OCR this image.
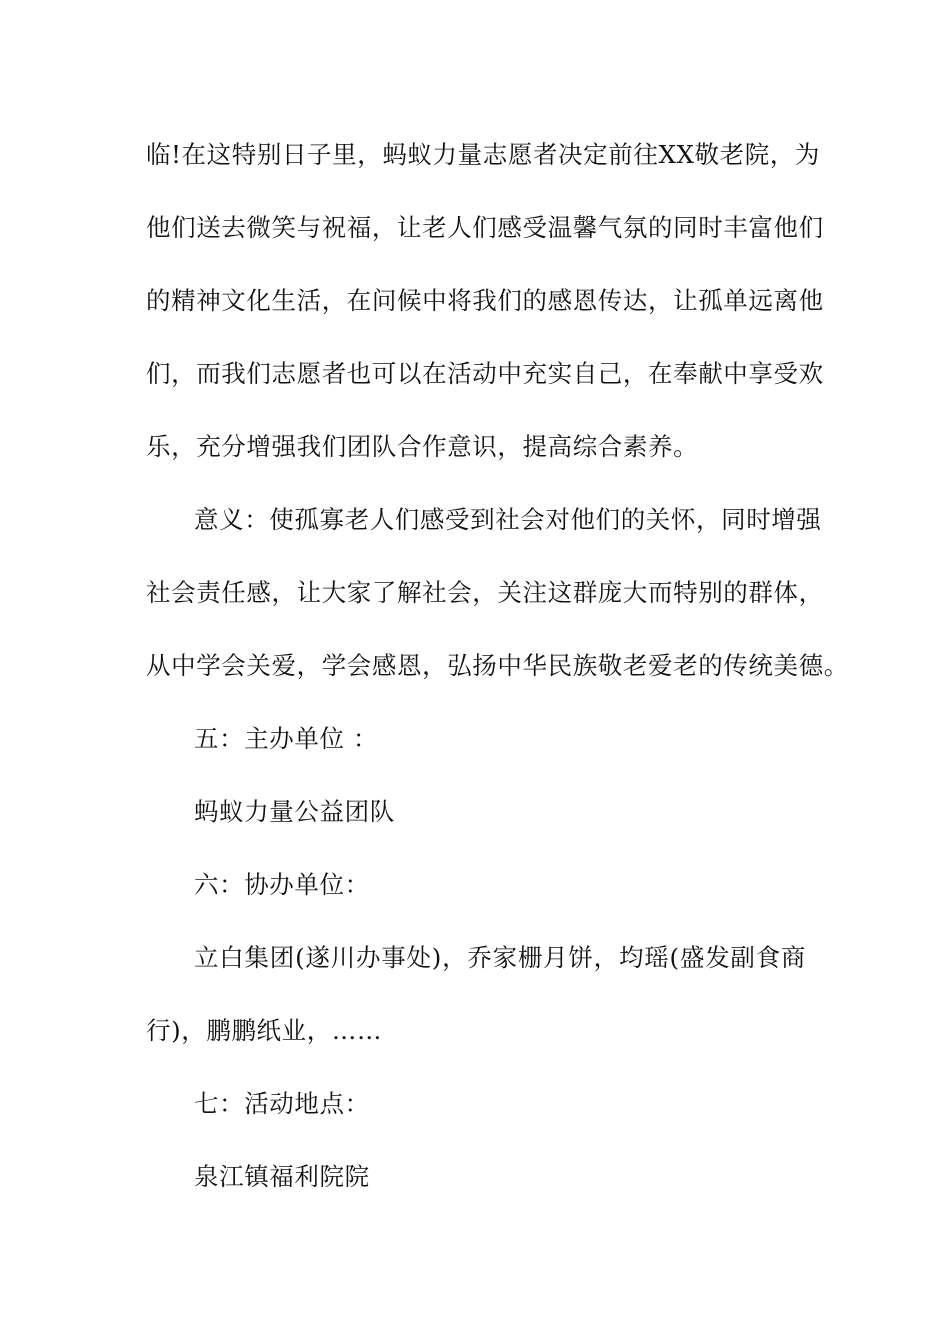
临!在这特别日子里，蚂蚁力量志愿者决定前往XX敬老院，为
他们送去微笑与祝福，让老人们感受温馨气氛的同时丰富他们
的精神文化生活，在问候中将我们的感恩传达，让孤单远离他
们，而我们志愿者也可以在活动中充实自己，在奉献中享受欢
乐，充分增强我们团队合作意识，提高综合素养。
意义：使孤寡老人们感受到社会对他们的关怀，同时增强
社会责任感，让大家了解社会，关注这群庞大而特别的群体，
从中学会关爱，学会感恩，弘扬中华民族敬老爱老的传统美德。
五：主办单位 ：
蚂蚁力量公益团队
六：协办单位：
立白集团(遂川办事处)，乔家栅月饼，均瑶(盛发副食商
行)，鹏鹏纸业，……
七：活动地点：
泉江镇福利院院
